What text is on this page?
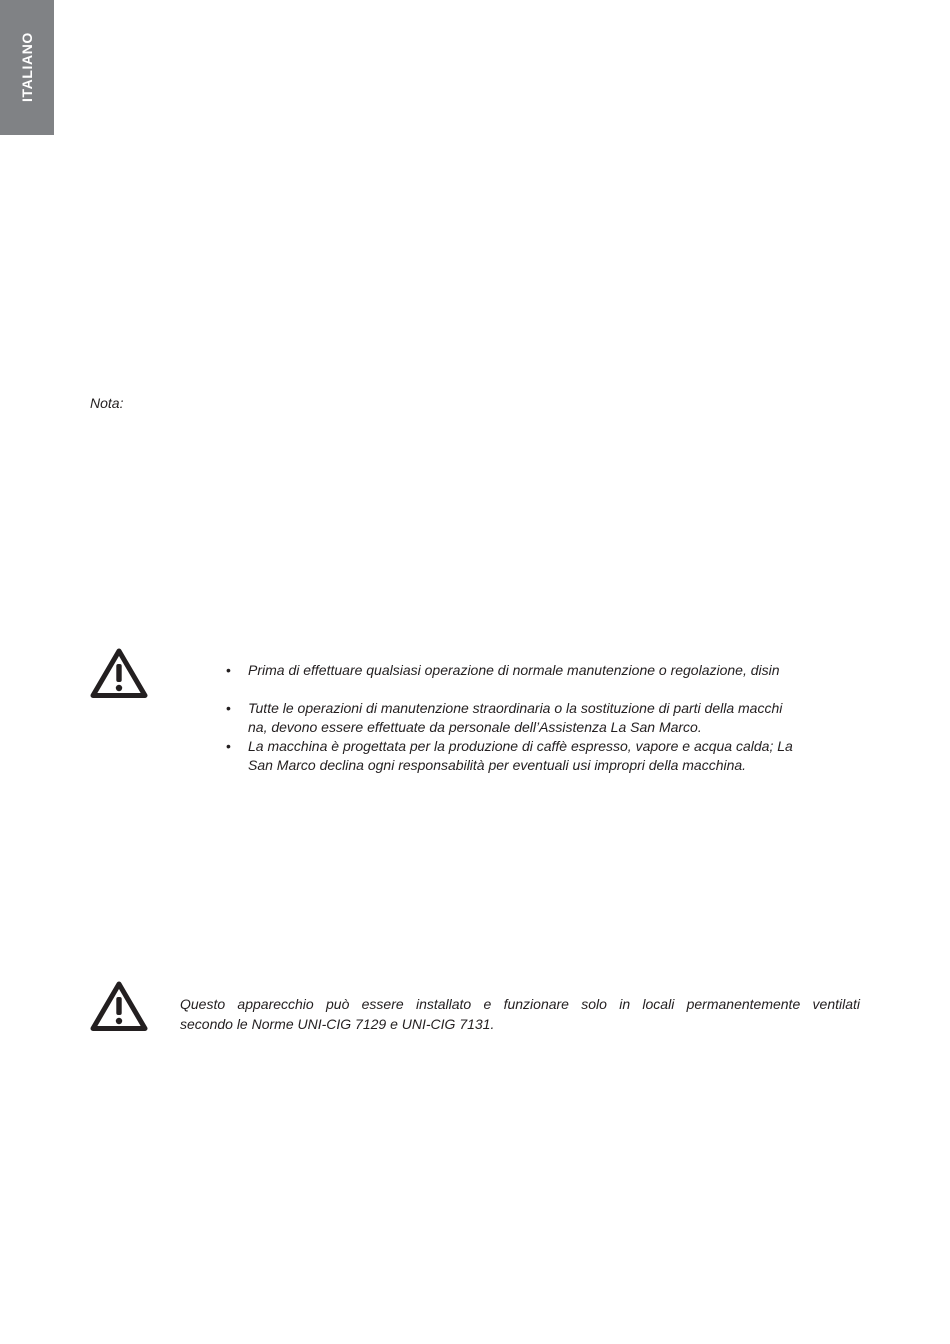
ITALIANO
Nota:
• Prima di effettuare qualsiasi operazione di normale manutenzione o regolazione, disin
• Tutte le operazioni di manutenzione straordinaria o la sostituzione di parti della macchi
na, devono essere effettuate da personale dell’Assistenza La San Marco.
• La macchina è progettata per la produzione di caffè espresso, vapore e acqua calda; La
San Marco declina ogni responsabilità per eventuali usi impropri della macchina.
Questo apparecchio può essere installato e funzionare solo in locali permanentemente ventilati
secondo le Norme UNI-CIG 7129 e UNI-CIG 7131.
